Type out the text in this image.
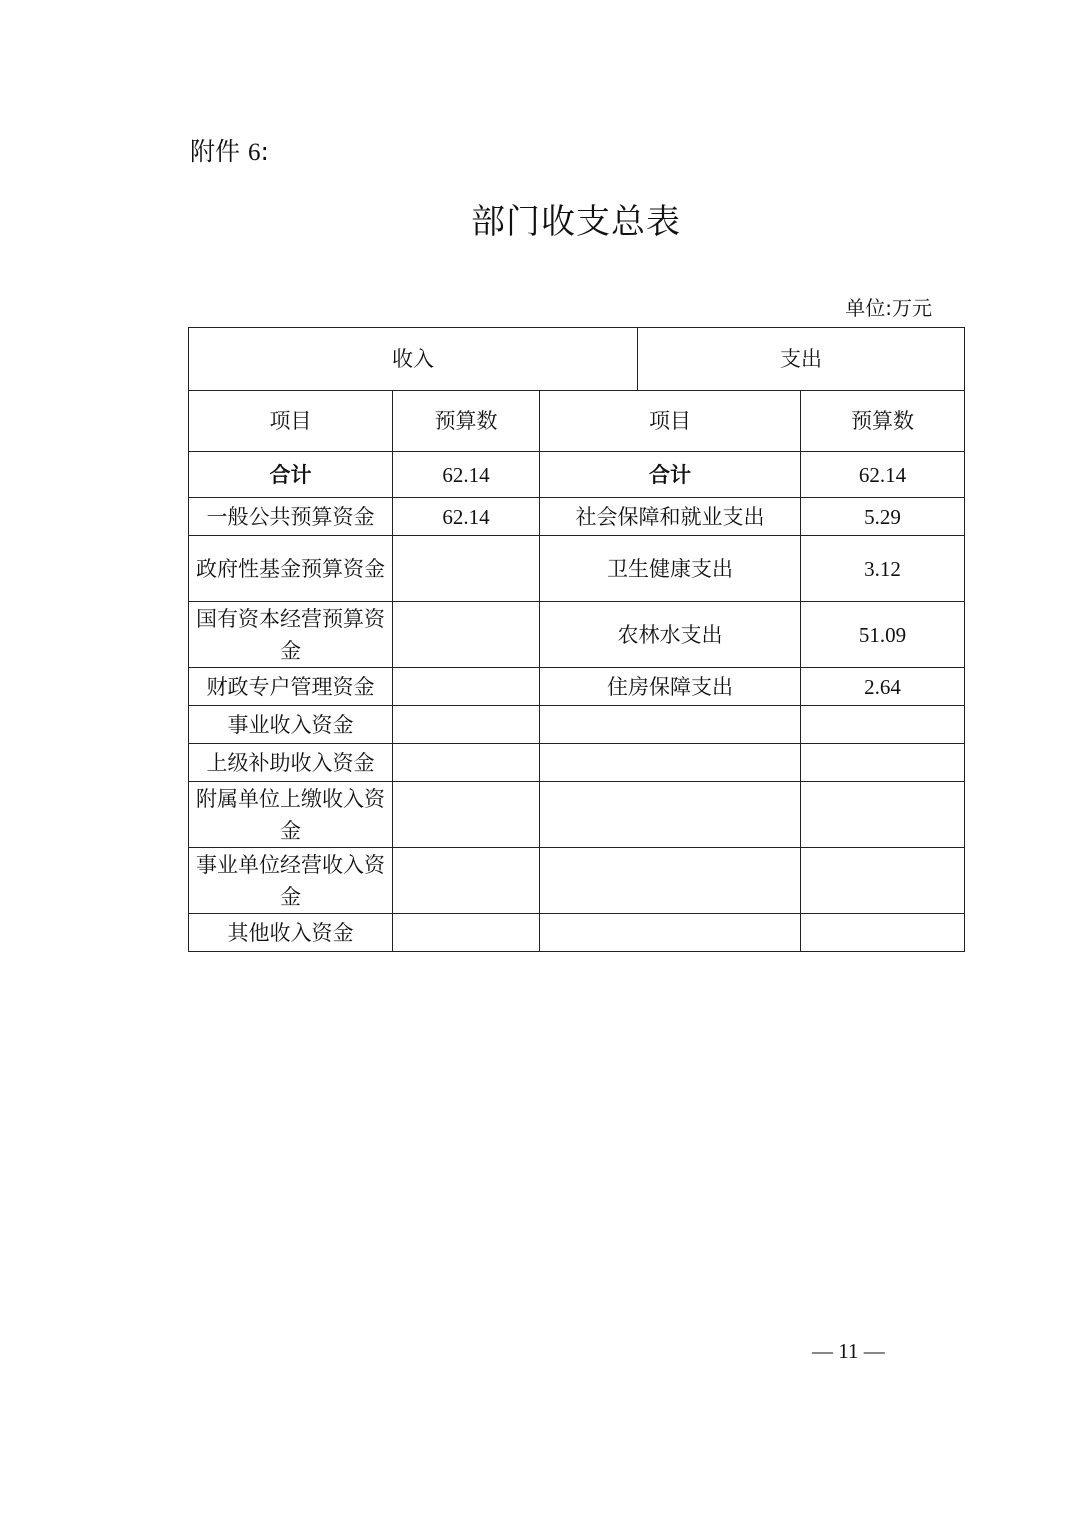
附件 6:
部门收支总表
单位:万元
收入			支出	
项目	预算数	项目		预算数
合计	62.14	合计		62.14
一般公共预算资金	62.14	社会保障和就业支出		5.29
政府性基金预算资金		卫生健康支出		3.12
国有资本经营预算资金		农林水支出		51.09
财政专户管理资金		住房保障支出		2.64
事业收入资金				
上级补助收入资金				
附属单位上缴收入资金				
事业单位经营收入资金				
其他收入资金				
— 11 —
